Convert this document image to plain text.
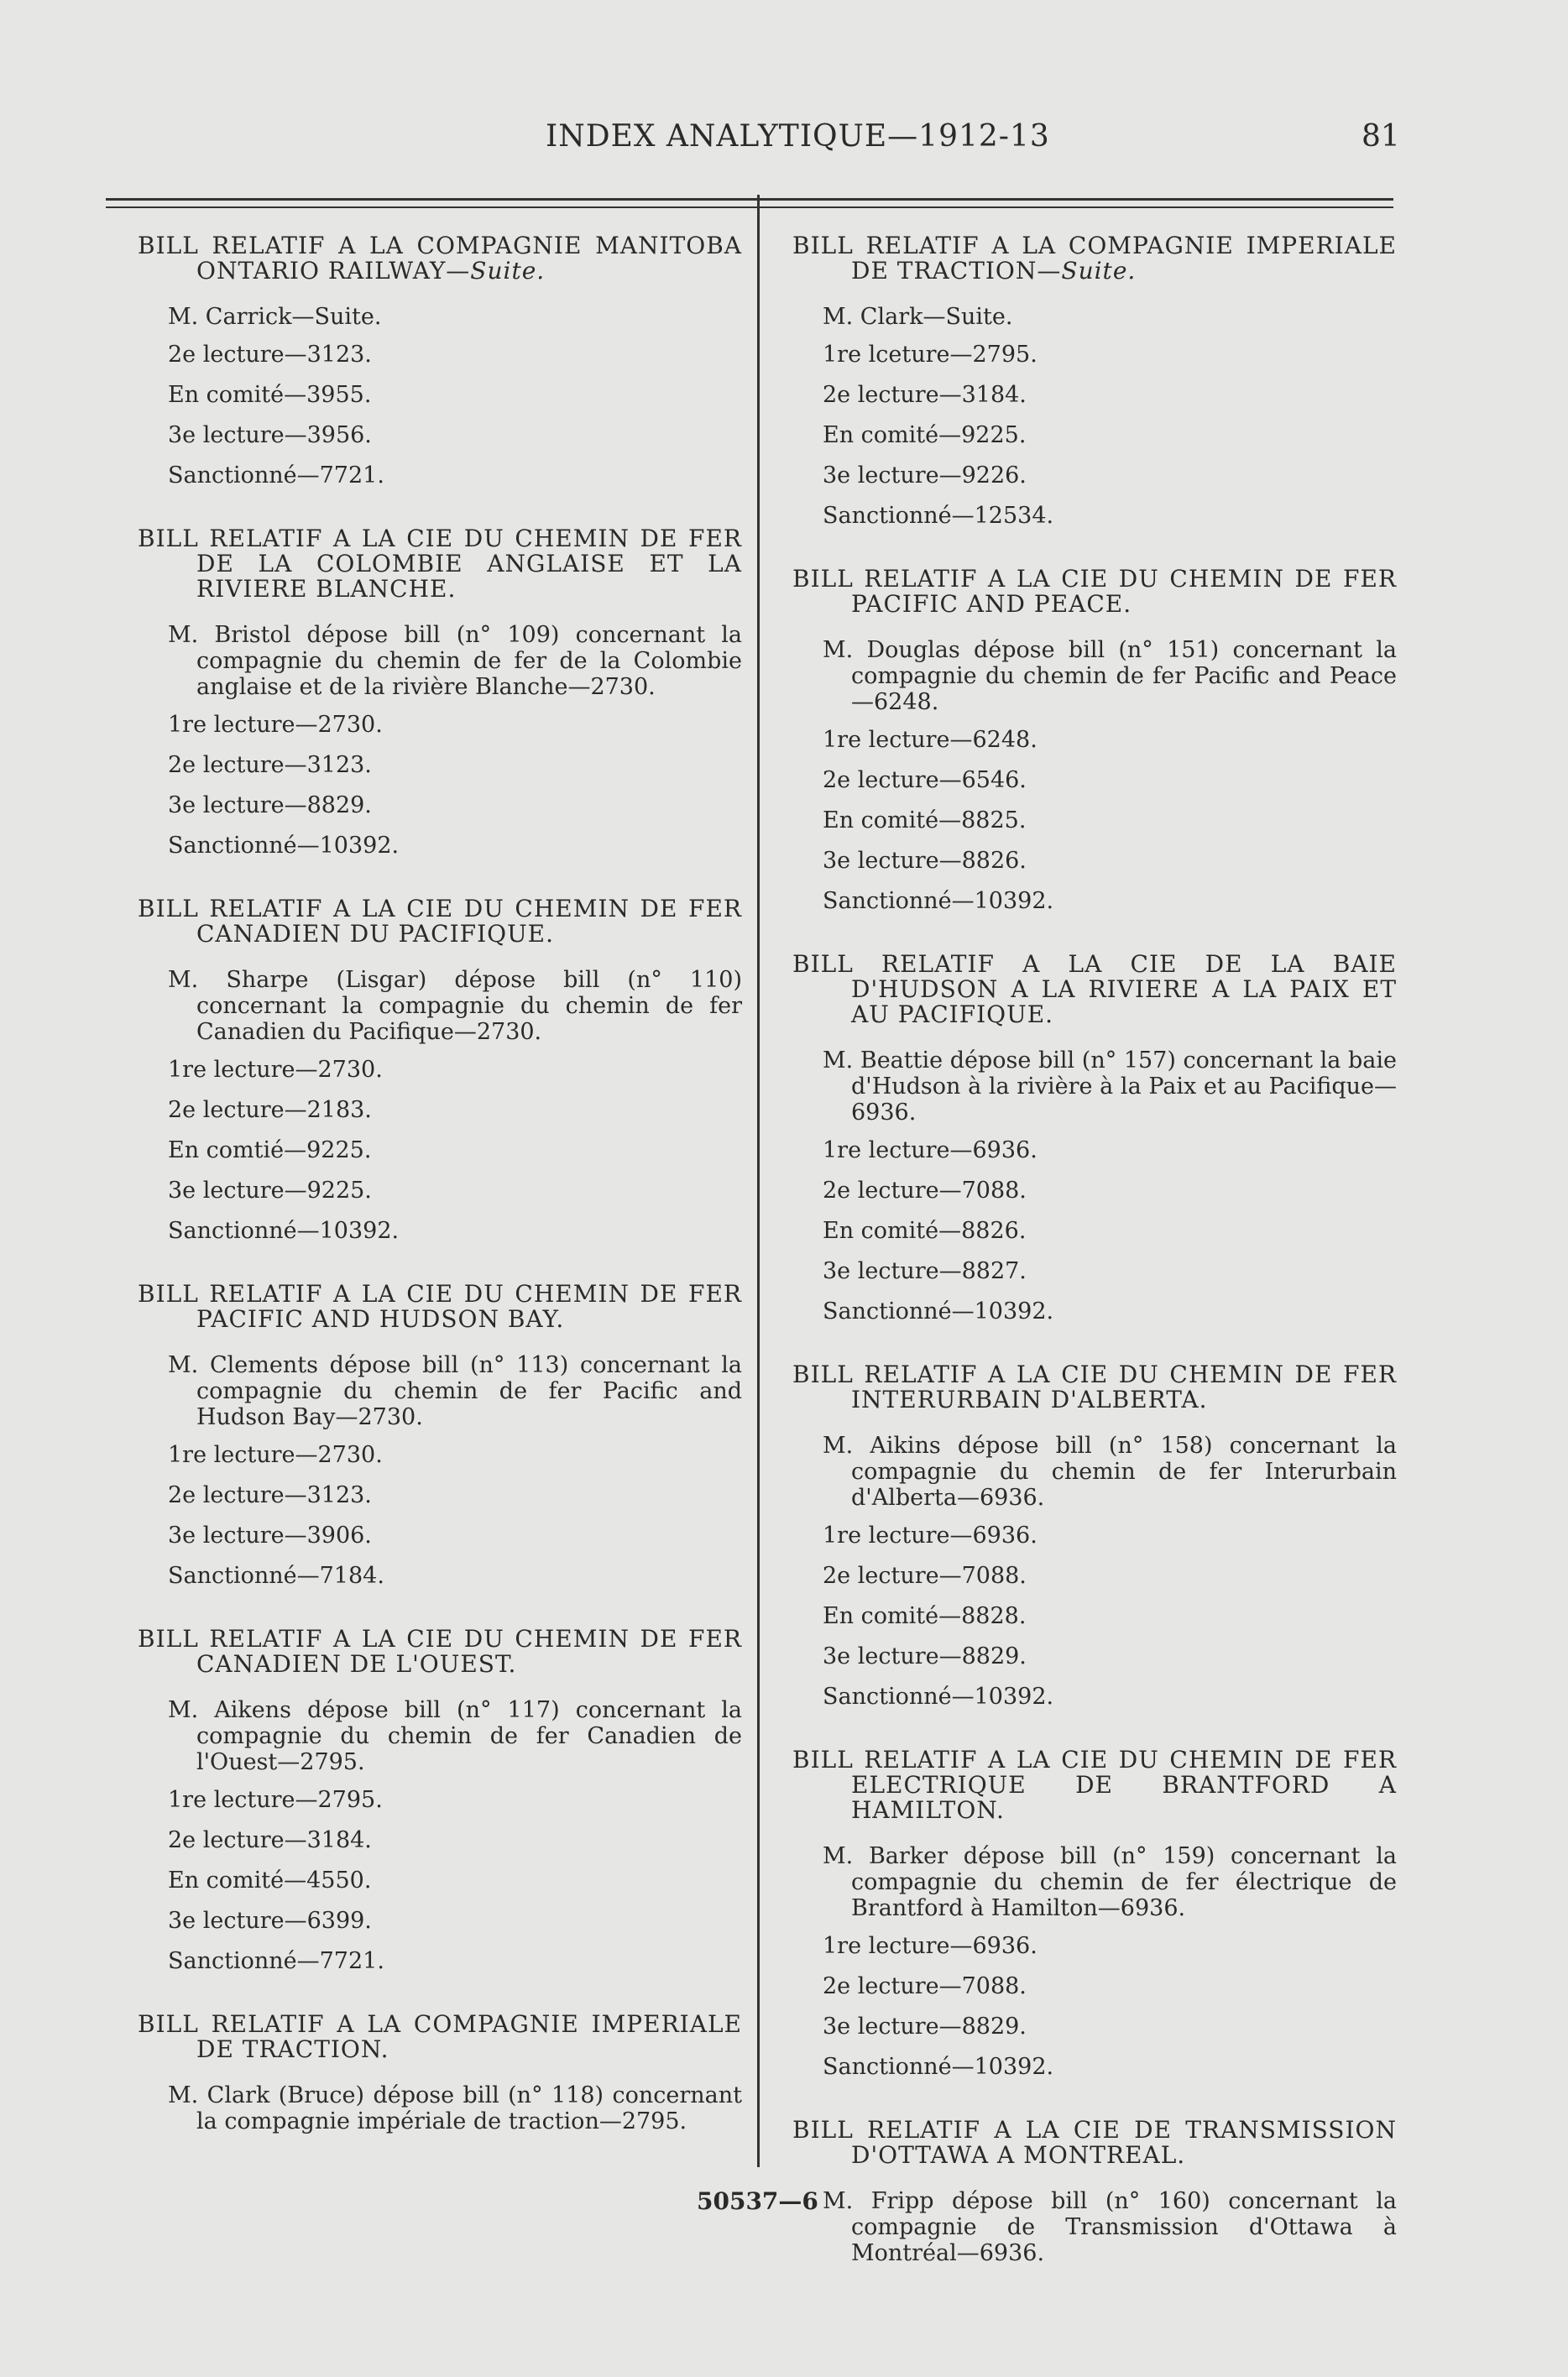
INDEX ANALYTIQUE—1912-13	81
BILL RELATIF A LA COMPAGNIE MANITOBA ONTARIO RAILWAY—Suite.
M. Carrick—Suite.
2e lecture—3123.
En comité—3955.
3e lecture—3956.
Sanctionné—7721.
BILL RELATIF A LA CIE DU CHEMIN DE FER DE LA COLOMBIE ANGLAISE ET LA RIVIERE BLANCHE.
M. Bristol dépose bill (n° 109) concernant la compagnie du chemin de fer de la Colombie anglaise et de la rivière Blanche—2730.
1re lecture—2730.
2e lecture—3123.
3e lecture—8829.
Sanctionné—10392.
BILL RELATIF A LA CIE DU CHEMIN DE FER CANADIEN DU PACIFIQUE.
M. Sharpe (Lisgar) dépose bill (n° 110) concernant la compagnie du chemin de fer Canadien du Pacifique—2730.
1re lecture—2730.
2e lecture—2183.
En comtié—9225.
3e lecture—9225.
Sanctionné—10392.
BILL RELATIF A LA CIE DU CHEMIN DE FER PACIFIC AND HUDSON BAY.
M. Clements dépose bill (n° 113) concernant la compagnie du chemin de fer Pacific and Hudson Bay—2730.
1re lecture—2730.
2e lecture—3123.
3e lecture—3906.
Sanctionné—7184.
BILL RELATIF A LA CIE DU CHEMIN DE FER CANADIEN DE L'OUEST.
M. Aikens dépose bill (n° 117) concernant la compagnie du chemin de fer Canadien de l'Ouest—2795.
1re lecture—2795.
2e lecture—3184.
En comité—4550.
3e lecture—6399.
Sanctionné—7721.
BILL RELATIF A LA COMPAGNIE IMPERIALE DE TRACTION.
M. Clark (Bruce) dépose bill (n° 118) concernant la compagnie impériale de traction—2795.
BILL RELATIF A LA COMPAGNIE IMPERIALE DE TRACTION—Suite.
M. Clark—Suite.
1re lceture—2795.
2e lecture—3184.
En comité—9225.
3e lecture—9226.
Sanctionné—12534.
BILL RELATIF A LA CIE DU CHEMIN DE FER PACIFIC AND PEACE.
M. Douglas dépose bill (n° 151) concernant la compagnie du chemin de fer Pacific and Peace—6248.
1re lecture—6248.
2e lecture—6546.
En comité—8825.
3e lecture—8826.
Sanctionné—10392.
BILL RELATIF A LA CIE DE LA BAIE D'HUDSON A LA RIVIERE A LA PAIX ET AU PACIFIQUE.
M. Beattie dépose bill (n° 157) concernant la baie d'Hudson à la rivière à la Paix et au Pacifique—6936.
1re lecture—6936.
2e lecture—7088.
En comité—8826.
3e lecture—8827.
Sanctionné—10392.
BILL RELATIF A LA CIE DU CHEMIN DE FER INTERURBAIN D'ALBERTA.
M. Aikins dépose bill (n° 158) concernant la compagnie du chemin de fer Interurbain d'Alberta—6936.
1re lecture—6936.
2e lecture—7088.
En comité—8828.
3e lecture—8829.
Sanctionné—10392.
BILL RELATIF A LA CIE DU CHEMIN DE FER ELECTRIQUE DE BRANTFORD A HAMILTON.
M. Barker dépose bill (n° 159) concernant la compagnie du chemin de fer électrique de Brantford à Hamilton—6936.
1re lecture—6936.
2e lecture—7088.
3e lecture—8829.
Sanctionné—10392.
BILL RELATIF A LA CIE DE TRANSMISSION D'OTTAWA A MONTREAL.
M. Fripp dépose bill (n° 160) concernant la compagnie de Transmission d'Ottawa à Montréal—6936.
50537—6
